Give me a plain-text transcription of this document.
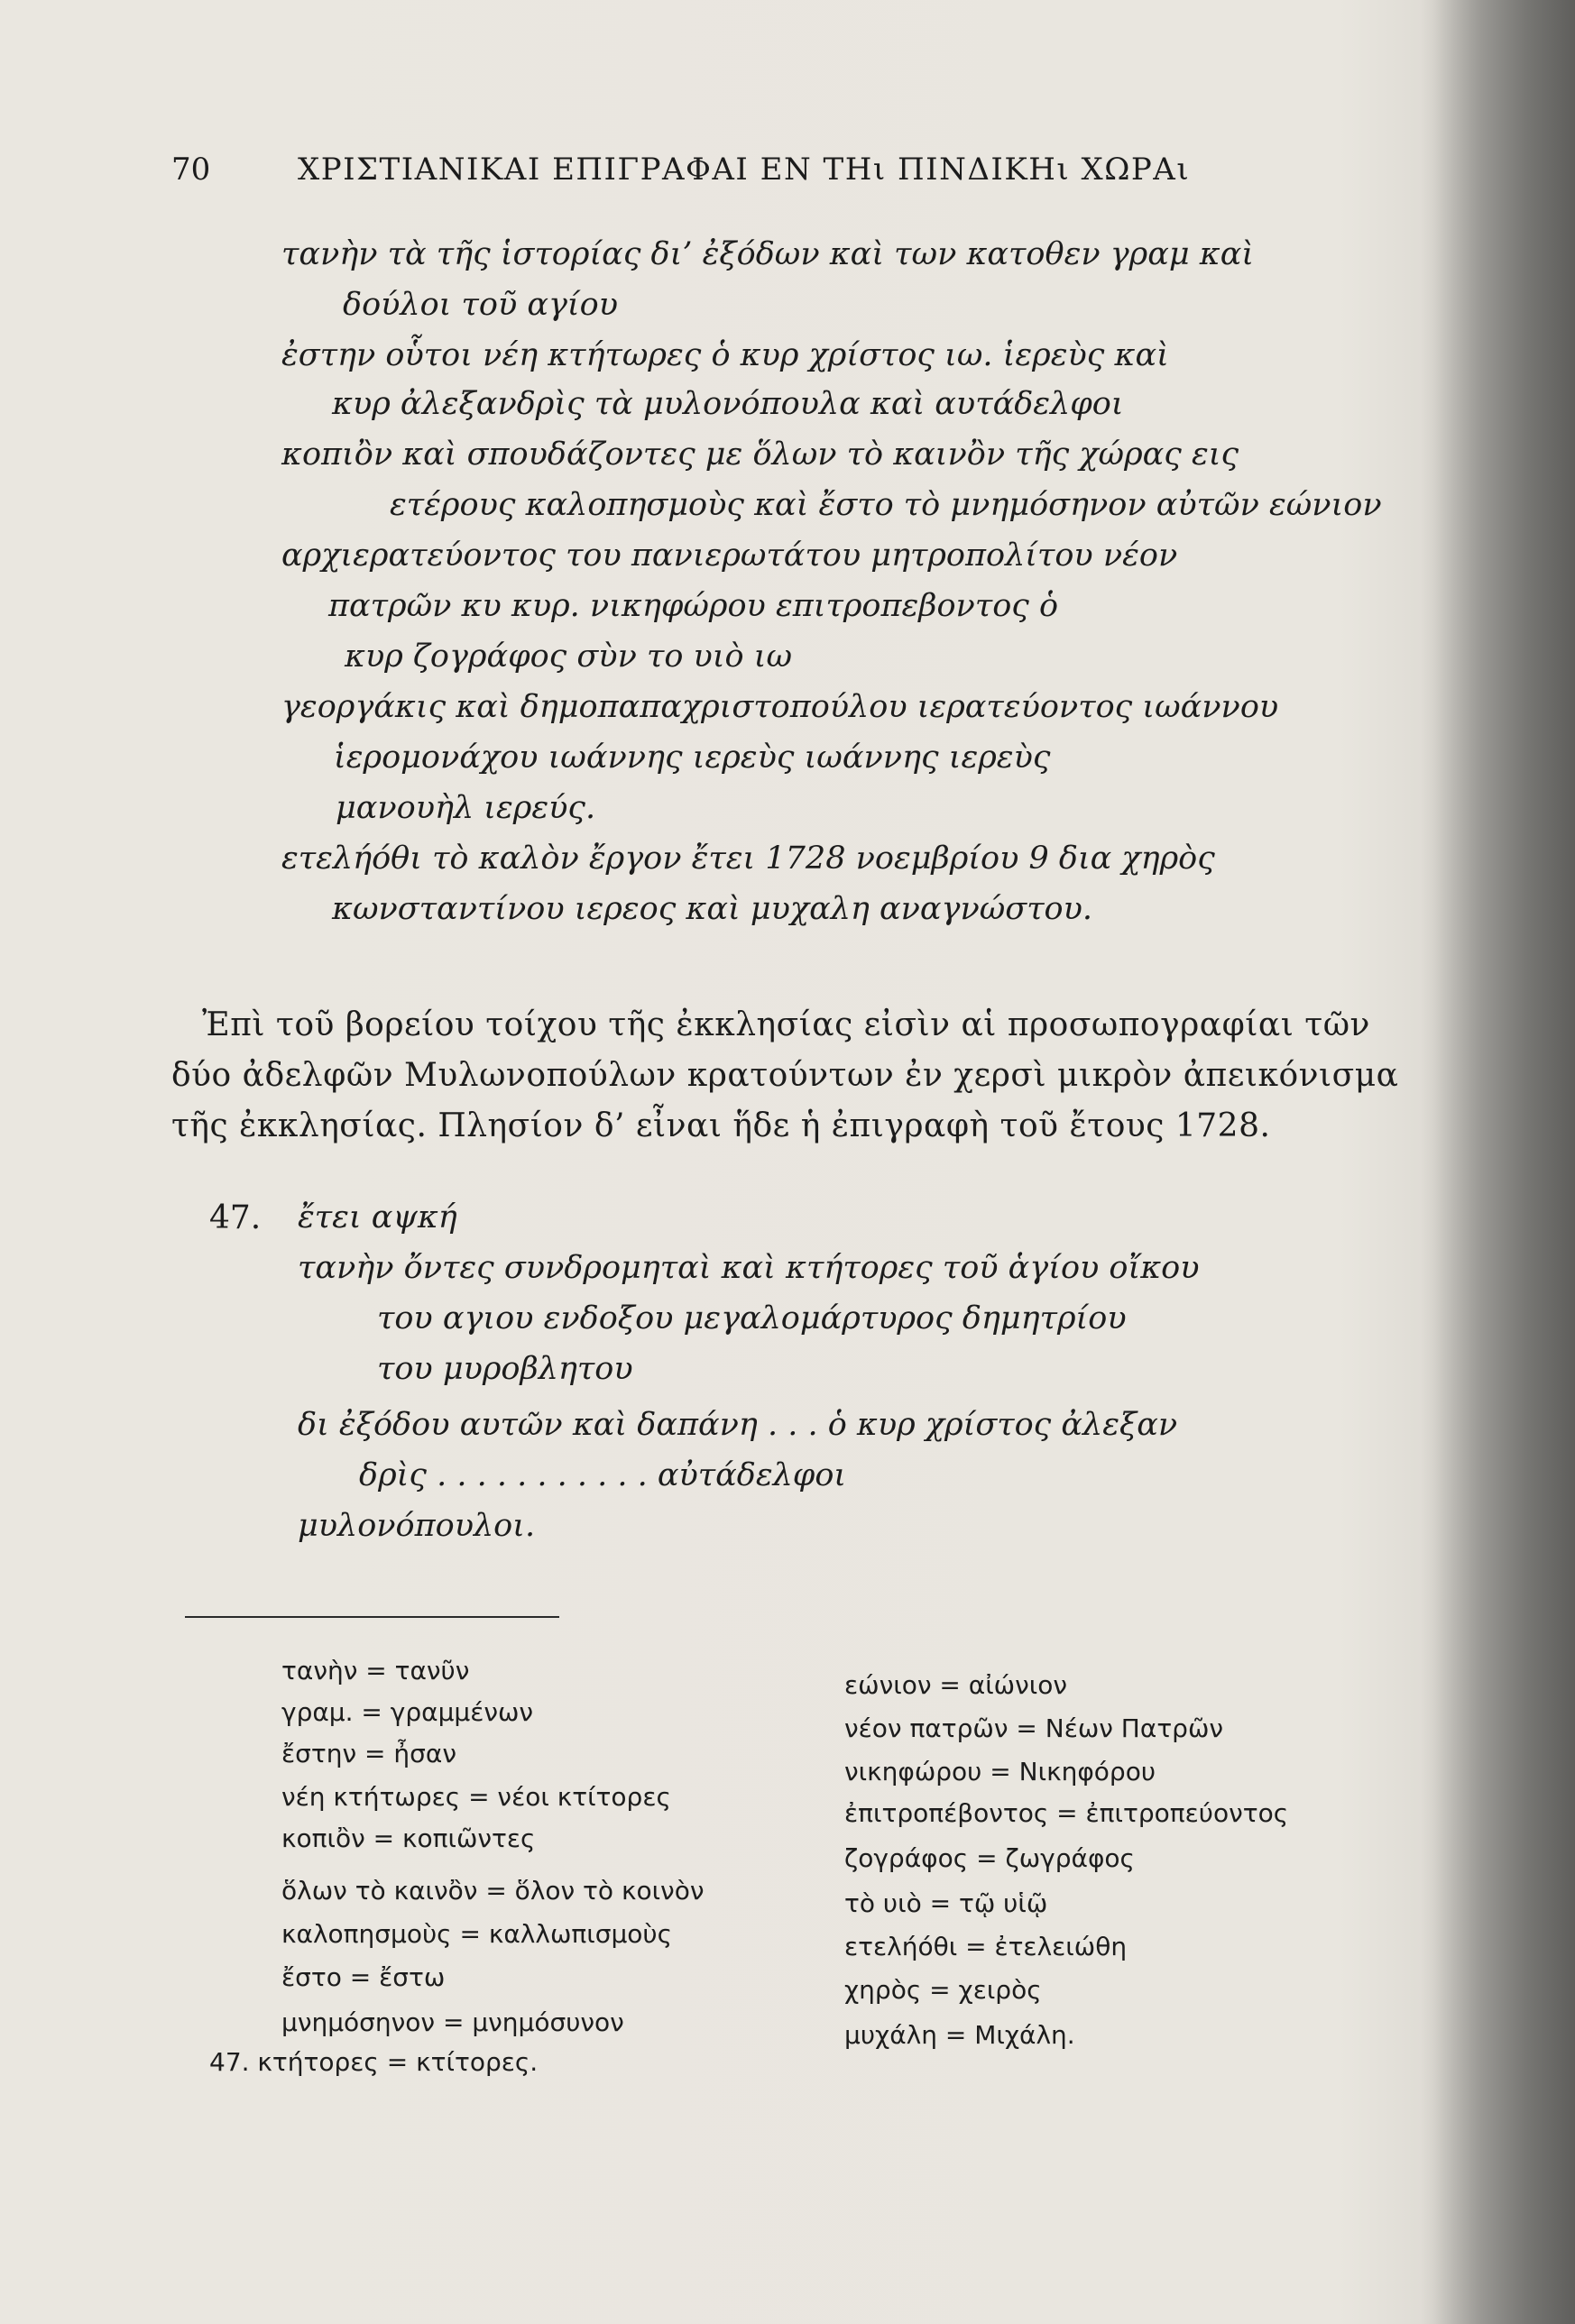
70	ΧΡΙΣΤΙΑΝΙΚΑΙ ΕΠΙΓΡΑΦΑΙ ΕΝ ΤΗι ΠΙΝΔΙΚΗι ΧΩΡΑι
τανὴν τὰ τῆς ἱστορίας δι’ ἐξόδων καὶ των κατοθεν γραμ καὶ
δούλοι τοῦ αγίου
ἐστην οὗτοι νέη κτήτωρες ὁ κυρ χρίστος ιω. ἱερεὺς καὶ
κυρ ἀλεξανδρὶς τὰ μυλονόπουλα καὶ αυτάδελφοι
κοπιὂν καὶ σπουδάζοντες με ὅλων τὸ καινὂν τῆς χώρας εις
ετέρους καλοπησμοὺς καὶ ἔστο τὸ μνημόσηνον αὐτῶν εώνιον
αρχιερατεύοντος του πανιερωτάτου μητροπολίτου νέον
πατρῶν κυ κυρ. νικηφώρου επιτροπεβοντος ὁ
κυρ ζογράφος σὺν το υιὸ ιω
γεοργάκις καὶ δημοπαπαχριστοπούλου ιερατεύοντος ιωάννου
ἱερομονάχου ιωάννης ιερεὺς ιωάννης ιερεὺς
μανουὴλ ιερεύς.
ετελήόθι τὸ καλὸν ἔργον ἔτει 1728 νοεμβρίου 9 δια χηρὸς
κωνσταντίνου ιερεος καὶ μυχαλη αναγνώστου.
Ἐπὶ τοῦ βορείου τοίχου τῆς ἐκκλησίας εἰσὶν αἱ προσωπογραφίαι τῶν
δύο ἀδελφῶν Μυλωνοπούλων κρατούντων ἐν χερσὶ μικρὸν ἀπεικόνισμα
τῆς ἐκκλησίας. Πλησίον δ’ εἶναι ἥδε ἡ ἐπιγραφὴ τοῦ ἔτους 1728.
47. ἔτει αψκή
τανὴν ὄντες συνδρομηταὶ καὶ κτήτορες τοῦ ἁγίου οἴκου
του αγιου ενδοξου μεγαλομάρτυρος δημητρίου
του μυροβλητου
δι ἐξόδου αυτῶν καὶ δαπάνη . . . ὁ κυρ χρίστος ἀλεξαν
δρὶς . . . . . . . . . . . αὐτάδελφοι
μυλονόπουλοι.
τανὴν = τανῦν
γραμ. = γραμμένων
ἔστην = ἦσαν
νέη κτήτωρες = νέοι κτίτορες
κοπιὂν = κοπιῶντες
ὅλων τὸ καινὂν = ὅλον τὸ κοινὸν
καλοπησμοὺς = καλλωπισμοὺς
ἔστο = ἔστω
μνημόσηνον = μνημόσυνον
47. κτήτορες = κτίτορες.
εώνιον = αἰώνιον
νέον πατρῶν = Νέων Πατρῶν
νικηφώρου = Νικηφόρου
ἐπιτροπέβοντος = ἐπιτροπεύοντος
ζογράφος = ζωγράφος
τὸ υιὸ = τῷ υἱῷ
ετελήόθι = ἐτελειώθη
χηρὸς = χειρὸς
μυχάλη = Μιχάλη.
